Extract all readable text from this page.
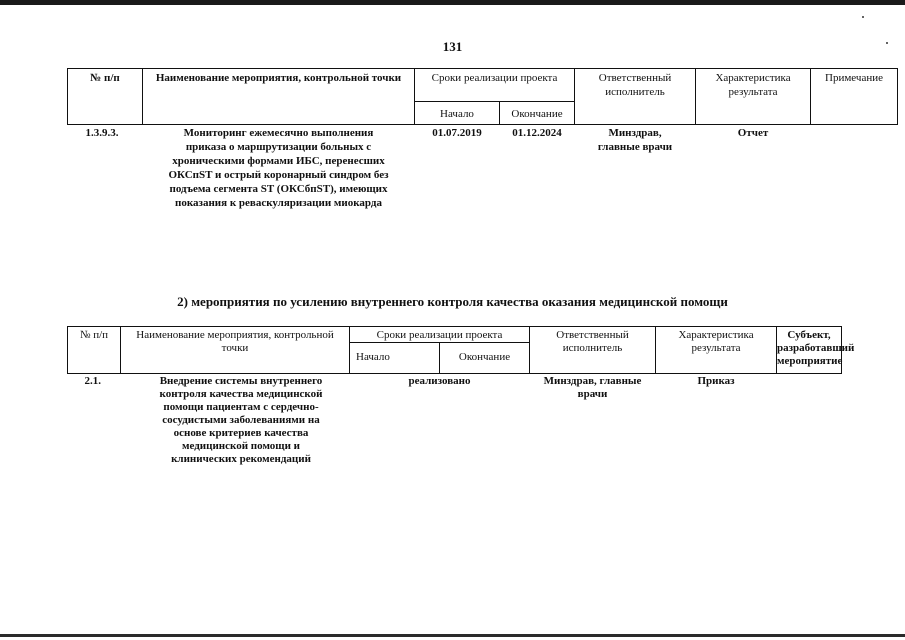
131
№ п/п	Наименование мероприятия, контрольной точки	Сроки реализации проекта		Ответственный исполнитель	Характеристика результата	Примечание
		Начало	Окончание			
1.3.9.3.	Мониторинг ежемесячно выполнения приказа о маршрутизации больных с хроническими формами ИБС, перенесших ОКСпST и острый коронарный синдром без подъема сегмента ST (ОКСбпST), имеющих показания к реваскуляризации миокарда	01.07.2019	01.12.2024	Минздрав, главные врачи	Отчет	
2) мероприятия по усилению внутреннего контроля качества оказания медицинской помощи
№ п/п	Наименование мероприятия, контрольной точки	Сроки реализации проекта		Ответственный исполнитель	Характеристика результата	Субъект, разработавший мероприятие
		Начало	Окончание			
2.1.	Внедрение системы внутреннего контроля качества медицинской помощи пациентам с сердечно-сосудистыми заболеваниями на основе критериев качества медицинской помощи и клинических рекомендаций	реализовано		Минздрав, главные врачи	Приказ	
